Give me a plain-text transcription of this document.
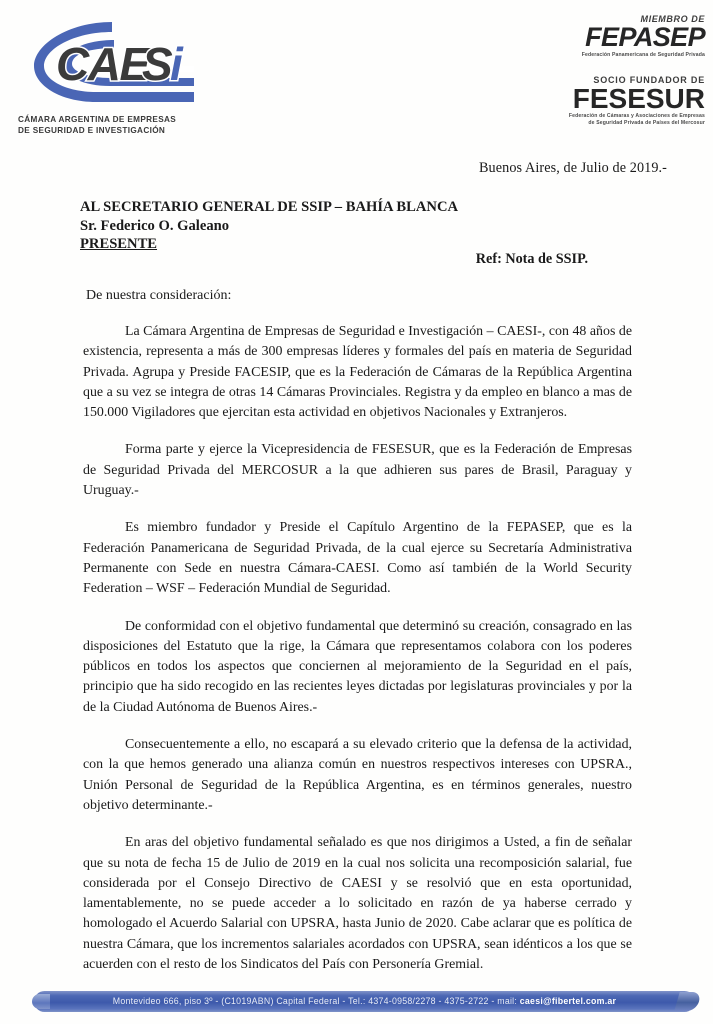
CAE
S
i
CÁMARA ARGENTINA DE EMPRESAS
DE SEGURIDAD E INVESTIGACIÓN
MIEMBRO DE
FEPASEP
Federación Panamericana de Seguridad Privada
SOCIO FUNDADOR DE
FESESUR
Federación de Cámaras y Asociaciones de Empresas
de Seguridad Privada de Países del Mercosur
Buenos Aires, de Julio de 2019.-
AL SECRETARIO GENERAL DE SSIP – BAHÍA BLANCA
Sr. Federico O. Galeano
PRESENTE
Ref: Nota de SSIP.
De nuestra consideración:

La Cámara Argentina de Empresas de Seguridad e Investigación – CAESI-, con 48 años de existencia, representa a más de 300 empresas líderes y formales del país en materia de Seguridad Privada. Agrupa y Preside FACESIP, que es la Federación de Cámaras de la República Argentina que a su vez se integra de otras 14 Cámaras Provinciales. Registra y da empleo en blanco a mas de 150.000 Vigiladores que ejercitan esta actividad en objetivos Nacionales y Extranjeros.

Forma parte y ejerce la Vicepresidencia de FESESUR, que es la Federación de Empresas de Seguridad Privada del MERCOSUR a la que adhieren sus pares de Brasil, Paraguay y Uruguay.-

Es miembro fundador y Preside el Capítulo Argentino de la FEPASEP, que es la Federación Panamericana de Seguridad Privada, de la cual ejerce su Secretaría Administrativa Permanente con Sede en nuestra Cámara-CAESI. Como así también de la World Security Federation – WSF – Federación Mundial de Seguridad.

De conformidad con el objetivo fundamental que determinó su creación, consagrado en las disposiciones del Estatuto que la rige, la Cámara que representamos colabora con los poderes públicos en todos los aspectos que conciernen al mejoramiento de la Seguridad en el país, principio que ha sido recogido en las recientes leyes dictadas por legislaturas provinciales y por la de la Ciudad Autónoma de Buenos Aires.-

Consecuentemente a ello, no escapará a su elevado criterio que la defensa de la actividad, con la que hemos generado una alianza común en nuestros respectivos intereses con UPSRA., Unión Personal de Seguridad de la República Argentina, es en términos generales, nuestro objetivo determinante.-

En aras del objetivo fundamental señalado es que nos dirigimos a Usted, a fin de señalar que su nota de fecha 15 de Julio de 2019 en la cual nos solicita una recomposición salarial, fue considerada por el Consejo Directivo de CAESI y se resolvió que en esta oportunidad, lamentablemente, no se puede acceder a lo solicitado en razón de ya haberse cerrado y homologado el Acuerdo Salarial con UPSRA, hasta Junio de 2020. Cabe aclarar que es política de nuestra Cámara, que los incrementos salariales acordados con UPSRA, sean idénticos a los que se acuerden con el resto de los Sindicatos del País con Personería Gremial.

Montevideo 666, piso 3º - (C1019ABN) Capital Federal - Tel.: 4374-0958/2278 - 4375-2722 - mail: caesi@fibertel.com.ar
